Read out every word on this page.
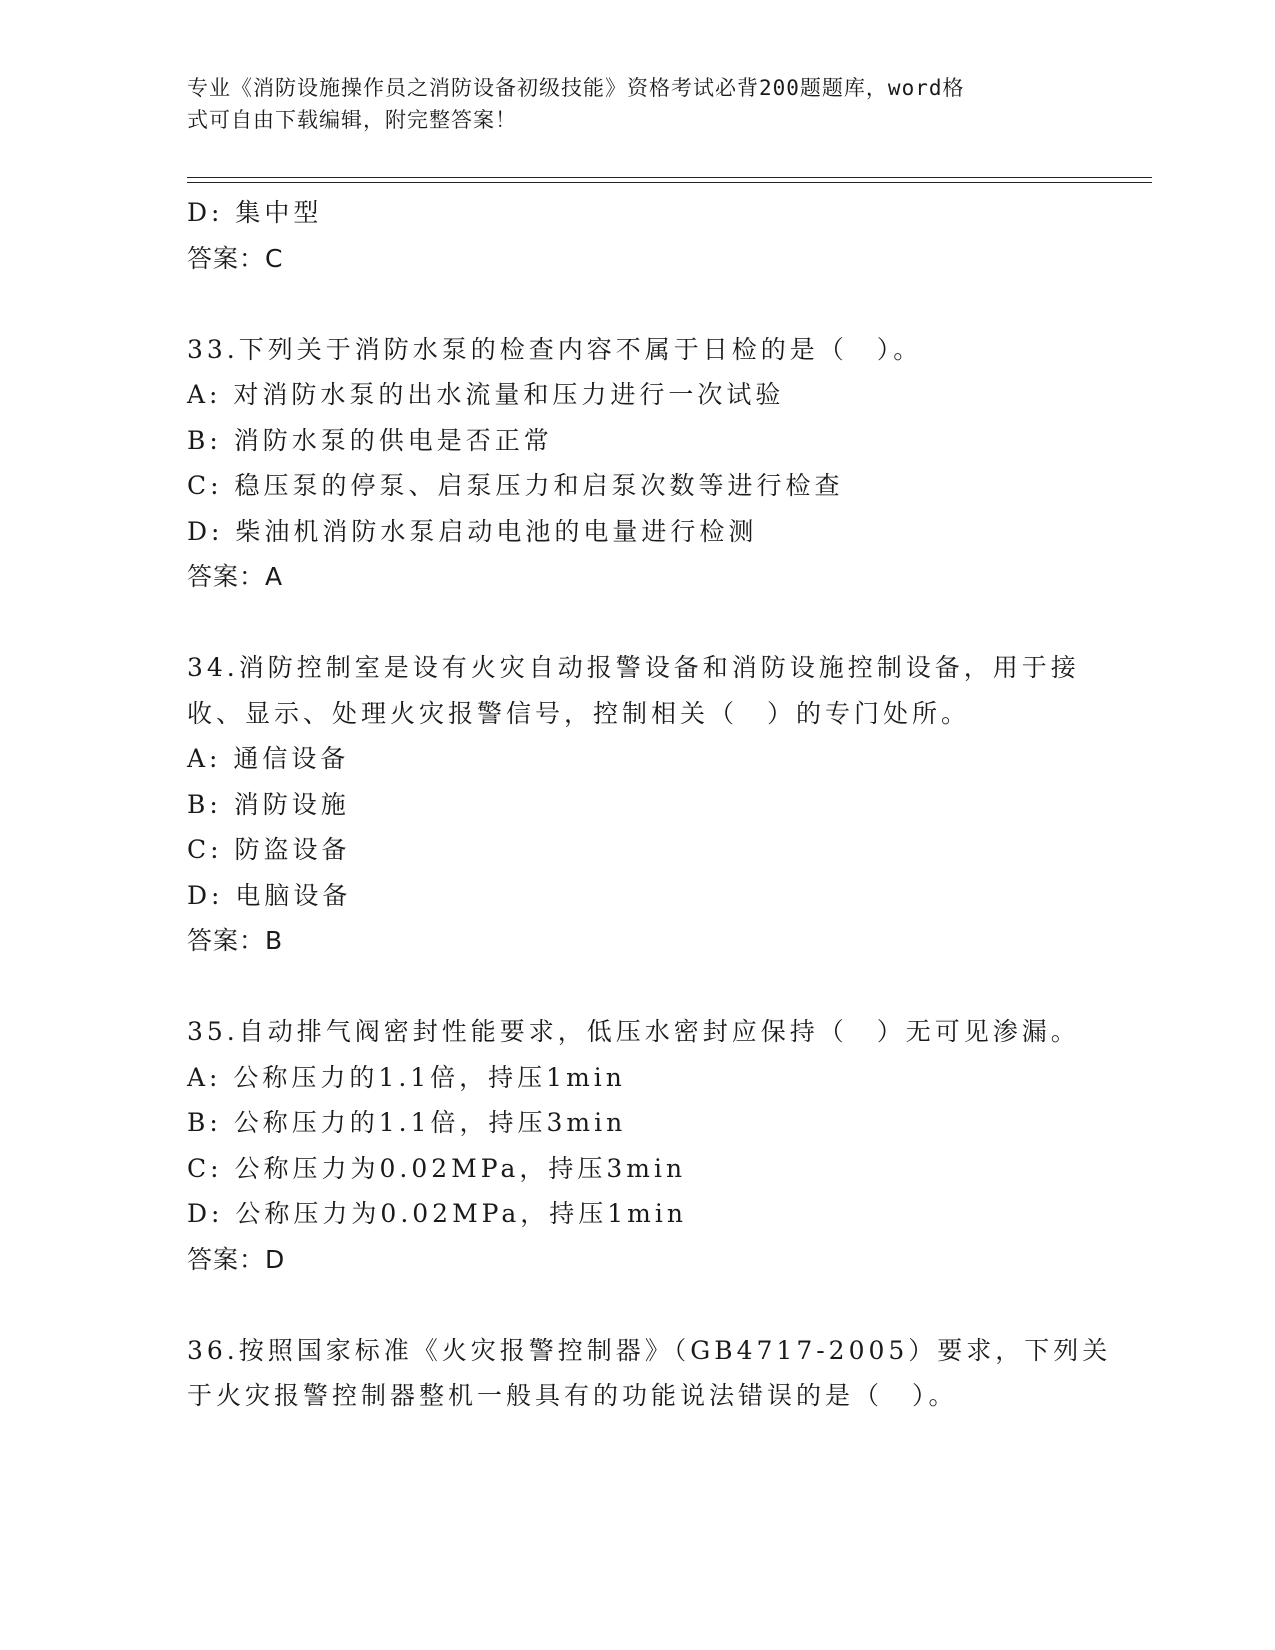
专业《消防设施操作员之消防设备初级技能》资格考试必背200题题库，word格
式可自由下载编辑，附完整答案！
D: 集中型
答案：C
33.下列关于消防水泵的检查内容不属于日检的是（　）。
A: 对消防水泵的出水流量和压力进行一次试验
B: 消防水泵的供电是否正常
C: 稳压泵的停泵、启泵压力和启泵次数等进行检查
D: 柴油机消防水泵启动电池的电量进行检测
答案：A
34.消防控制室是设有火灾自动报警设备和消防设施控制设备，用于接
收、显示、处理火灾报警信号，控制相关（　）的专门处所。
A: 通信设备
B: 消防设施
C: 防盗设备
D: 电脑设备
答案：B
35.自动排气阀密封性能要求，低压水密封应保持（　）无可见渗漏。
A: 公称压力的1.1倍，持压1min
B: 公称压力的1.1倍，持压3min
C: 公称压力为0.02MPa，持压3min
D: 公称压力为0.02MPa，持压1min
答案：D
36.按照国家标准《火灾报警控制器》（GB4717-2005）要求，下列关
于火灾报警控制器整机一般具有的功能说法错误的是（　）。
